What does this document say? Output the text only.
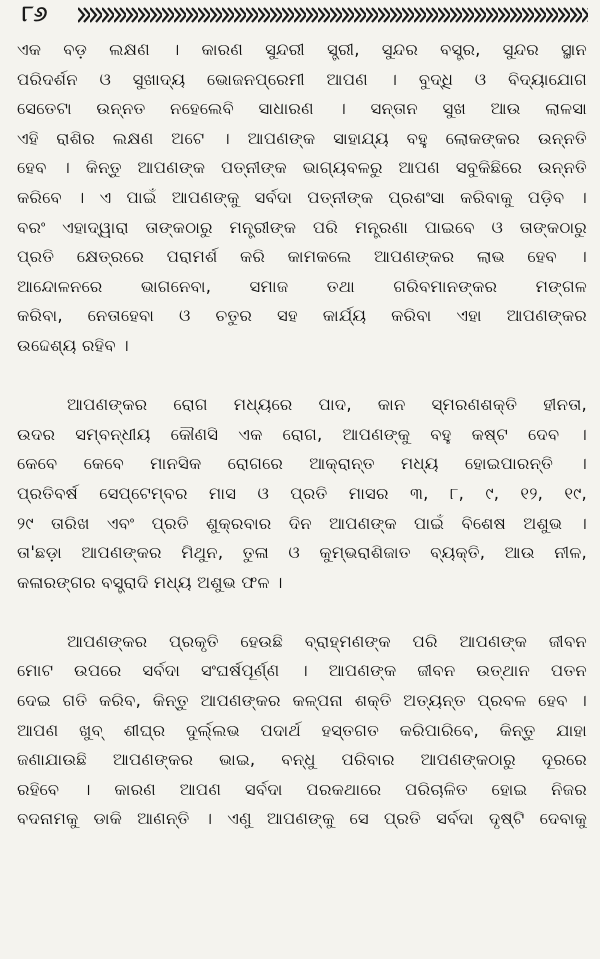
୮୬
ଏକ ବଡ଼ ଲକ୍ଷଣ । କାରଣ ସୁନ୍ଦରୀ ସ୍ତ୍ରୀ, ସୁନ୍ଦର ବସ୍ତ୍ର, ସୁନ୍ଦର ସ୍ଥାନ
ପରିଦର୍ଶନ ଓ ସୁଖାଦ୍ୟ ଭୋଜନପ୍ରେମୀ ଆପଣ । ବୁଦ୍ଧି ଓ ବିଦ୍ୟାଯୋଗ
ସେତେଟା ଉନ୍ନତ ନହେଲେବି ସାଧାରଣ । ସନ୍ତାନ ସୁଖ ଆଉ ଲାଳସା
ଏହି ରାଶିର ଲକ୍ଷଣ ଅଟେ । ଆପଣଙ୍କ ସାହାଯ୍ୟ ବହୁ ଲୋକଙ୍କର ଉନ୍ନତି
ହେବ । କିନ୍ତୁ ଆପଣଙ୍କ ପତ୍ନୀଙ୍କ ଭାଗ୍ୟବଳରୁ ଆପଣ ସବୁକିଛିରେ ଉନ୍ନତି
କରିବେ । ଏ ପାଇଁ ଆପଣଙ୍କୁ ସର୍ବଦା ପତ୍ନୀଙ୍କ ପ୍ରଶଂସା କରିବାକୁ ପଡ଼ିବ ।
ବରଂ ଏହାଦ୍ୱାରା ତାଙ୍କଠାରୁ ମନ୍ତ୍ରୀଙ୍କ ପରି ମନ୍ତ୍ରଣା ପାଇବେ ଓ ତାଙ୍କଠାରୁ
ପ୍ରତି କ୍ଷେତ୍ରରେ ପରାମର୍ଶ କରି କାମକଲେ ଆପଣଙ୍କର ଲାଭ ହେବ ।
ଆନ୍ଦୋଳନରେ ଭାଗନେବା, ସମାଜ ତଥା ଗରିବମାନଙ୍କର ମଙ୍ଗଳ
କରିବା, ନେତାହେବା ଓ ଚତୁର ସହ କାର୍ଯ୍ୟ କରିବା ଏହା ଆପଣଙ୍କର
ଉଦ୍ଦେଶ୍ୟ ରହିବ ।
ଆପଣଙ୍କର ରୋଗ ମଧ୍ୟରେ ପାଦ, କାନ ସ୍ମରଣଶକ୍ତି ହୀନତା,
ଉଦର ସମ୍ବନ୍ଧୀୟ କୌଣସି ଏକ ରୋଗ, ଆପଣଙ୍କୁ ବହୁ କଷ୍ଟ ଦେବ ।
କେବେ କେବେ ମାନସିକ ରୋଗରେ ଆକ୍ରାନ୍ତ ମଧ୍ୟ ହୋଇପାରନ୍ତି ।
ପ୍ରତିବର୍ଷ ସେପ୍ଟେମ୍ବର ମାସ ଓ ପ୍ରତି ମାସର ୩, ୮, ୯, ୧୨, ୧୯,
୨୯ ତାରିଖ ଏବଂ ପ୍ରତି ଶୁକ୍ରବାର ଦିନ ଆପଣଙ୍କ ପାଇଁ ବିଶେଷ ଅଶୁଭ ।
ତା'ଛଡ଼ା ଆପଣଙ୍କର ମିଥୁନ, ତୁଳା ଓ କୁମ୍ଭରାଶିଜାତ ବ୍ୟକ୍ତି, ଆଉ ନୀଳ,
କଳାରଙ୍ଗର ବସ୍ତ୍ରାଦି ମଧ୍ୟ ଅଶୁଭ ଫଳ ।
ଆପଣଙ୍କର ପ୍ରକୃତି ହେଉଛି ବ୍ରାହ୍ମଣଙ୍କ ପରି ଆପଣଙ୍କ ଜୀବନ
ମୋଟ ଉପରେ ସର୍ବଦା ସଂଘର୍ଷପୂର୍ଣ୍ଣ । ଆପଣଙ୍କ ଜୀବନ ଉତ୍‌ଥାନ ପତନ
ଦେଇ ଗତି କରିବ, କିନ୍ତୁ ଆପଣଙ୍କର କଳ୍ପନା ଶକ୍ତି ଅତ୍ୟନ୍ତ ପ୍ରବଳ ହେବ ।
ଆପଣ ଖୁବ୍ ଶୀଘ୍ର ଦୁର୍ଲ୍ଲଭ ପଦାର୍ଥ ହସ୍ତଗତ କରିପାରିବେ, କିନ୍ତୁ ଯାହା
ଜଣାଯାଉଛି ଆପଣଙ୍କର ଭାଇ, ବନ୍ଧୁ ପରିବାର ଆପଣଙ୍କଠାରୁ ଦୂରରେ
ରହିବେ । କାରଣ ଆପଣ ସର୍ବଦା ପରକଥାରେ ପରିଚାଳିତ ହୋଇ ନିଜର
ବଦନାମକୁ ଡାକି ଆଣନ୍ତି । ଏଣୁ ଆପଣଙ୍କୁ ସେ ପ୍ରତି ସର୍ବଦା ଦୃଷ୍ଟି ଦେବାକୁ
